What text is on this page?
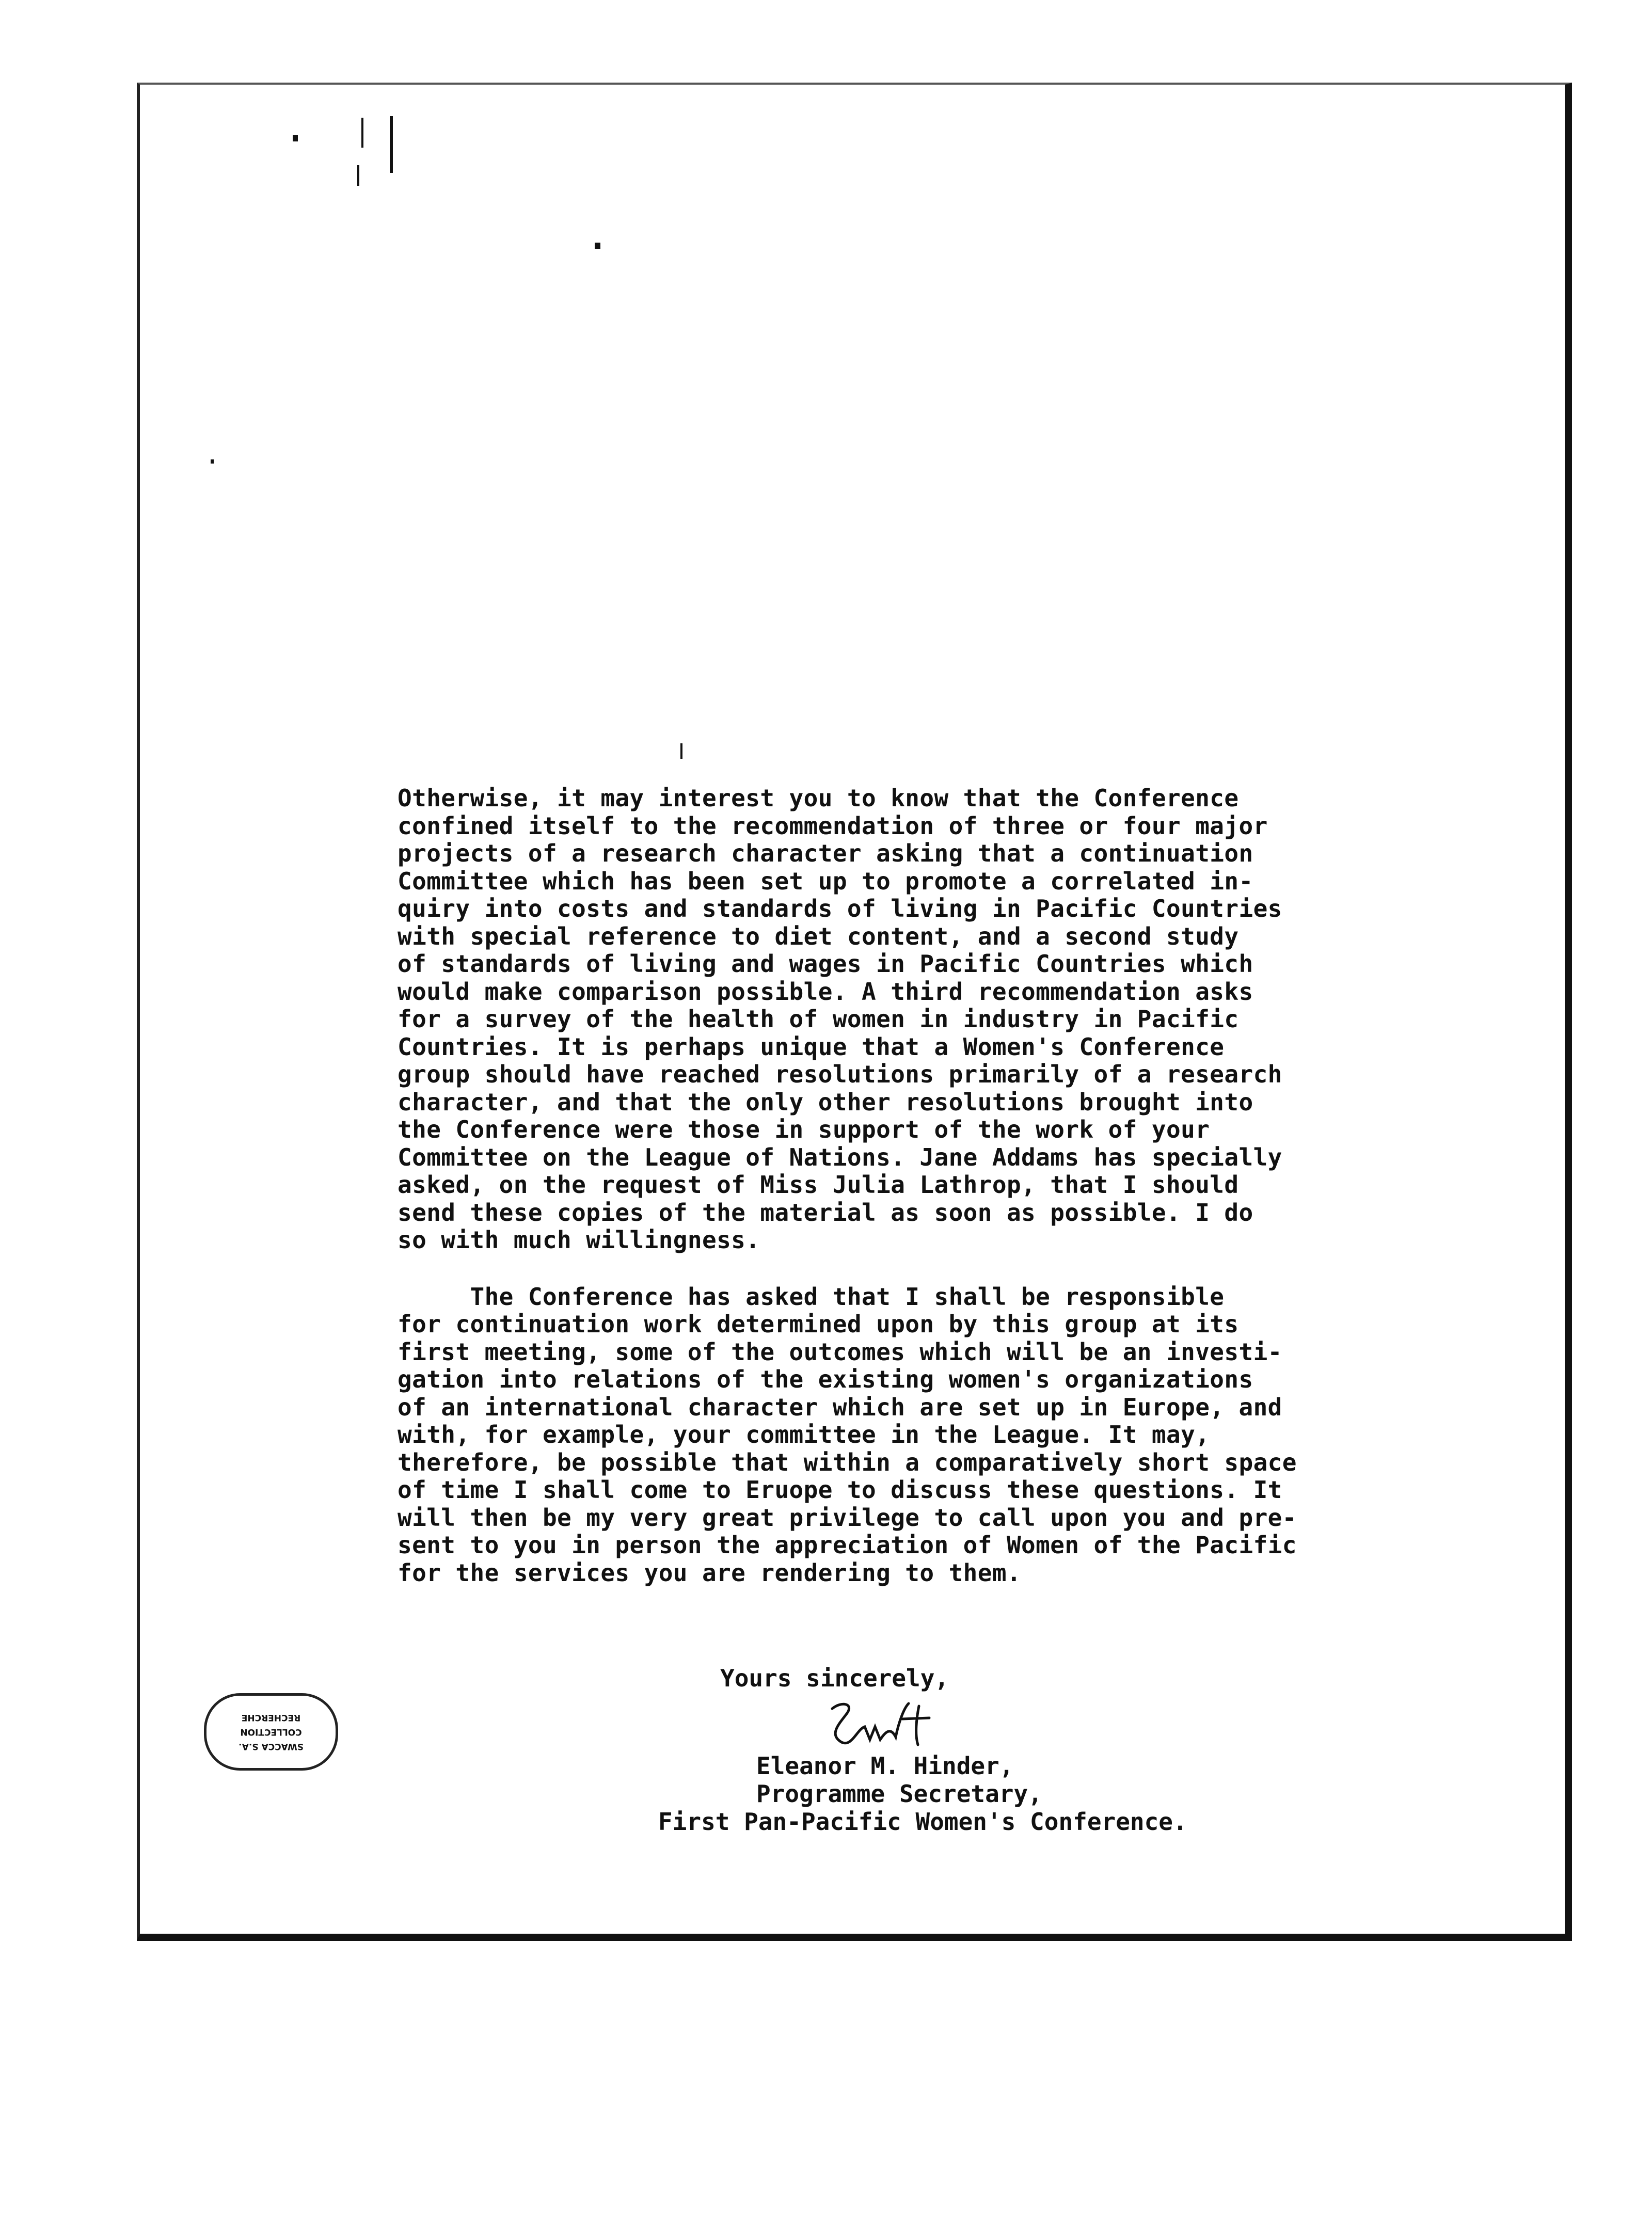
Otherwise, it may interest you to know that the Conference
confined itself to the recommendation of three or four major
projects of a research character asking that a continuation
Committee which has been set up to promote a correlated in-
quiry into costs and standards of living in Pacific Countries
with special reference to diet content, and a second study
of standards of living and wages in Pacific Countries which
would make comparison possible. A third recommendation asks
for a survey of the health of women in industry in Pacific
Countries. It is perhaps unique that a Women's Conference
group should have reached resolutions primarily of a research
character, and that the only other resolutions brought into
the Conference were those in support of the work of your
Committee on the League of Nations. Jane Addams has specially
asked, on the request of Miss Julia Lathrop, that I should
send these copies of the material as soon as possible. I do
so with much willingness.
The Conference has asked that I shall be responsible
for continuation work determined upon by this group at its
first meeting, some of the outcomes which will be an investi-
gation into relations of the existing women's organizations
of an international character which are set up in Europe, and
with, for example, your committee in the League. It may,
therefore, be possible that within a comparatively short space
of time I shall come to Eruope to discuss these questions. It
will then be my very great privilege to call upon you and pre-
sent to you in person the appreciation of Women of the Pacific
for the services you are rendering to them.
Yours sincerely,
Eleanor M. Hinder,
Programme Secretary,
First Pan-Pacific Women's Conference.
SWACCA S.A.
COLLECTION
RECHERCHE
